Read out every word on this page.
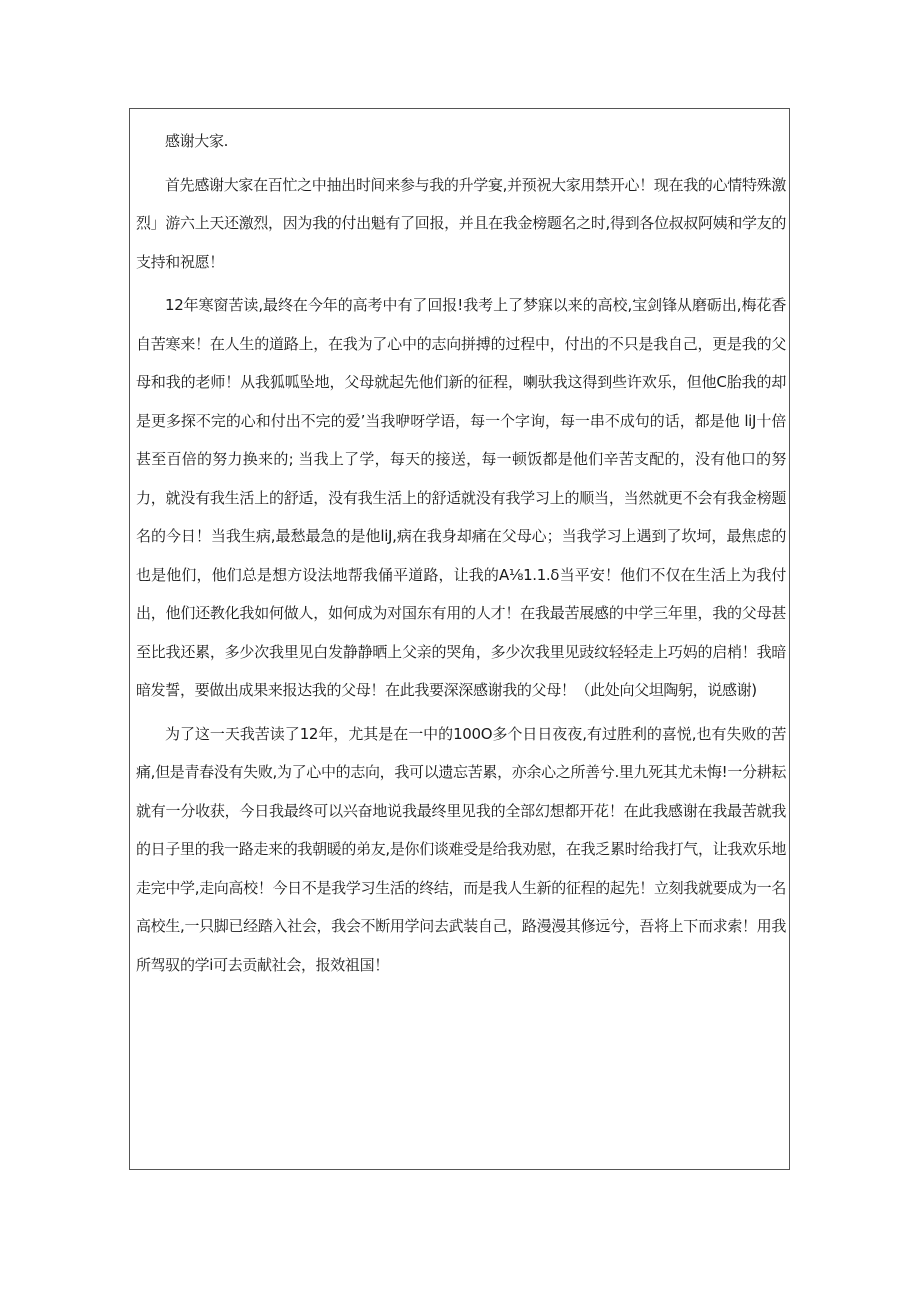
感谢大家.

首先感谢大家在百忙之中抽出时间来参与我的升学宴,并预祝大家用禁开心！现在我的心情特殊激烈」游六上天还激烈，因为我的付出魁有了回报，并且在我金榜题名之时,得到各位叔叔阿姨和学友的支持和祝愿！

12年寒窗苦读,最终在今年的高考中有了回报!我考上了梦寐以来的高校,宝剑锋从磨砺出,梅花香自苦寒来！在人生的道路上，在我为了心中的志向拼搏的过程中，付出的不只是我自己，更是我的父母和我的老师！从我狐呱坠地，父母就起先他们新的征程，喇驮我这得到些许欢乐，但他C胎我的却是更多探不完的心和付出不完的爱’当我咿呀学语，每一个字询，每一串不成句的话，都是他 liJ十倍甚至百倍的努力换来的; 当我上了学，每天的接送，每一顿饭都是他们辛苦支配的，没有他口的努力，就没有我生活上的舒适，没有我生活上的舒适就没有我学习上的顺当，当然就更不会有我金榜题名的今日！当我生病,最愁最急的是他liJ,病在我身却痛在父母心；当我学习上遇到了坎坷，最焦虑的也是他们，他们总是想方设法地帮我俑平道路，让我的A⅛1.1.δ当平安！他们不仅在生活上为我付出，他们还教化我如何做人，如何成为对国东有用的人才！在我最苦展感的中学三年里，我的父母甚至比我还累，多少次我里见白发静静晒上父亲的哭角，多少次我里见豉纹轻轻走上巧妈的启梢！我暗暗发誓，要做出成果来报达我的父母！在此我要深深感谢我的父母！（此处向父坦陶躬，说感谢)

为了这一天我苦读了12年，尤其是在一中的100O多个日日夜夜,有过胜利的喜悦,也有失败的苦痛,但是青春没有失败,为了心中的志向，我可以遗忘苦累，亦余心之所善兮.里九死其尤未悔!一分耕耘就有一分收获，今日我最终可以兴奋地说我最终里见我的全部幻想都开花！在此我感谢在我最苦就我的日子里的我一路走来的我朝暖的弟友,是你们谈难受是给我劝慰，在我乏累时给我打气，让我欢乐地走完中学,走向高校！今日不是我学习生活的终结，而是我人生新的征程的起先！立刻我就要成为一名高校生,一只脚已经踏入社会，我会不断用学问去武装自己，路漫漫其修远兮，吾将上下而求索！用我所驾驭的学i可去贡献社会，报效祖国！
